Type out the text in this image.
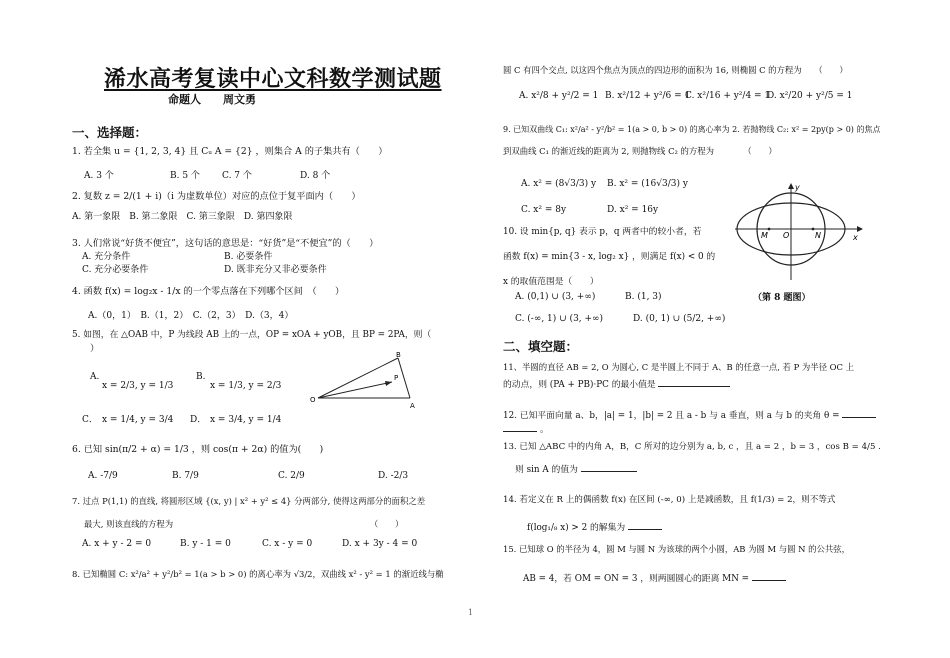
浠水高考复读中心文科数学测试题
命题人　　周文勇
一、选择题：
1. 若全集 u = {1, 2, 3, 4} 且 Cᵤ A = {2} ，则集合 A 的子集共有（　　）
A. 3 个	B. 5 个 C. 7 个	D. 8 个
2. 复数 z = 2/(1 + i)（i 为虚数单位）对应的点位于复平面内（　　）
A. 第一象限　B. 第二象限　C. 第三象限　D. 第四象限
3. 人们常说“好货不便宜”，这句话的意思是：“好货”是“不便宜”的（　　）
A. 充分条件	B. 必要条件
C. 充分必要条件	D. 既非充分又非必要条件
4. 函数 f(x) = log₂x - 1/x 的一个零点落在下列哪个区间　（　　）
A.（0，1）　B.（1，2）　C.（2，3）　D.（3，4）
5. 如图，在 △OAB 中，P 为线段 AB 上的一点，OP = xOA + yOB，且 BP = 2PA，则（
）
A.
x = 2/3, y = 1/3
B.
x = 1/3, y = 2/3
C． x = 1/4, y = 3/4 D． x = 3/4, y = 1/4
O
A
B
P
6. 已知 sin(π/2 + α) = 1/3 ，则 cos(π + 2α) 的值为(　　)
A. -7/9	B. 7/9	C. 2/9	D. -2/3
7. 过点 P(1,1) 的直线, 将圆形区域 {(x, y) | x² + y² ≤ 4} 分两部分, 使得这两部分的面积之差
最大, 则该直线的方程为　　　　　　　　　　　　　　　　　　　　　　　　（　　）
A. x + y - 2 = 0	B. y - 1 = 0	C. x - y = 0	D. x + 3y - 4 = 0
8. 已知椭圆 C: x²/a² + y²/b² = 1(a > b > 0) 的离心率为 √3/2，双曲线 x² - y² = 1 的渐近线与椭
圆 C 有四个交点, 以这四个焦点为顶点的四边形的面积为 16, 则椭圆 C 的方程为　　（　　）
A. x²/8 + y²/2 = 1 B. x²/12 + y²/6 = 1
C. x²/16 + y²/4 = 1
D. x²/20 + y²/5 = 1
9. 已知双曲线 C₁: x²/a² - y²/b² = 1(a > 0, b > 0) 的离心率为 2. 若抛物线 C₂: x² = 2py(p > 0) 的焦点
到双曲线 C₁ 的渐近线的距离为 2, 则抛物线 C₂ 的方程为　　　　（　　）
A. x² = (8√3/3) y B. x² = (16√3/3) y
C. x² = 8y	D. x² = 16y
10. 设 min{p, q} 表示 p，q 两者中的较小者，若
函数 f(x) = min{3 - x, log₂ x} ，则满足 f(x) < 0 的
x 的取值范围是（　　）
A. (0,1) ∪ (3, +∞)	B. (1, 3)
C. (-∞, 1) ∪ (3, +∞)	D. (0, 1) ∪ (5/2, +∞)
M O	N	x
y
（第 8 题图）
二、填空题：
11、半圆的直径 AB = 2, O 为圆心, C 是半圆上不同于 A、B 的任意一点, 若 P 为半径 OC 上
的动点，则 (PA + PB)·PC 的最小值是
12. 已知平面向量 a、b，|a| = 1，|b| = 2 且 a - b 与 a 垂直，则 a 与 b 的夹角 θ =
。
13. 已知 △ABC 中的内角 A，B，C 所对的边分别为 a, b, c ，且 a = 2 ，b = 3 ，cos B = 4/5 .
则 sin A 的值为
14. 若定义在 R 上的偶函数 f(x) 在区间 (-∞, 0) 上是减函数，且 f(1/3) = 2，则不等式
f(log₁/₈ x) > 2 的解集为
15. 已知球 O 的半径为 4，圆 M 与圆 N 为该球的两个小圆，AB 为圆 M 与圆 N 的公共弦，
AB = 4，若 OM = ON = 3 ，则两圆圆心的距离 MN =
1
